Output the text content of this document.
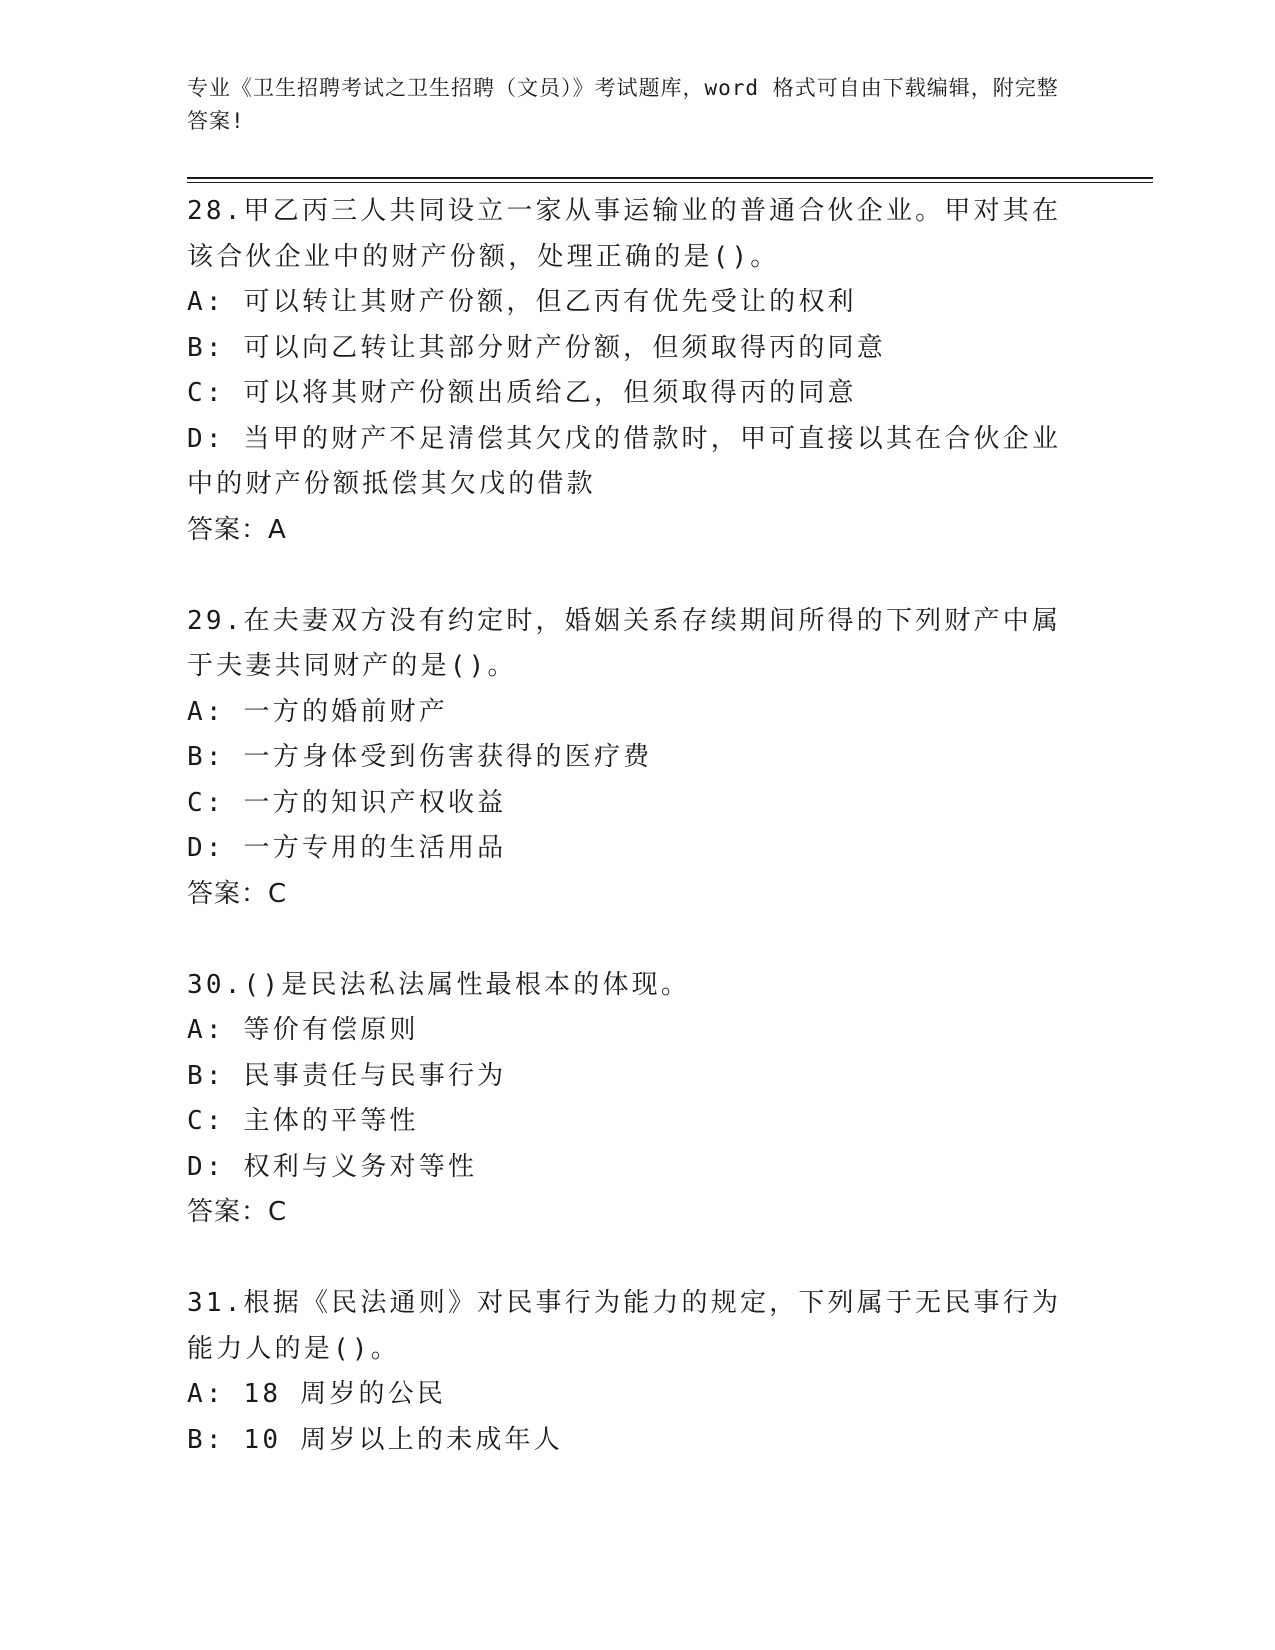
专业《卫生招聘考试之卫生招聘（文员）》考试题库，word 格式可自由下载编辑，附完整答案!

28.甲乙丙三人共同设立一家从事运输业的普通合伙企业。甲对其在该合伙企业中的财产份额，处理正确的是()。

A: 可以转让其财产份额，但乙丙有优先受让的权利

B: 可以向乙转让其部分财产份额，但须取得丙的同意

C: 可以将其财产份额出质给乙，但须取得丙的同意

D: 当甲的财产不足清偿其欠戊的借款时，甲可直接以其在合伙企业中的财产份额抵偿其欠戊的借款

答案：A

29.在夫妻双方没有约定时，婚姻关系存续期间所得的下列财产中属于夫妻共同财产的是()。

A: 一方的婚前财产

B: 一方身体受到伤害获得的医疗费

C: 一方的知识产权收益

D: 一方专用的生活用品

答案：C

30.()是民法私法属性最根本的体现。

A: 等价有偿原则

B: 民事责任与民事行为

C: 主体的平等性

D: 权利与义务对等性

答案：C

31.根据《民法通则》对民事行为能力的规定，下列属于无民事行为能力人的是()。

A: 18 周岁的公民

B: 10 周岁以上的未成年人
